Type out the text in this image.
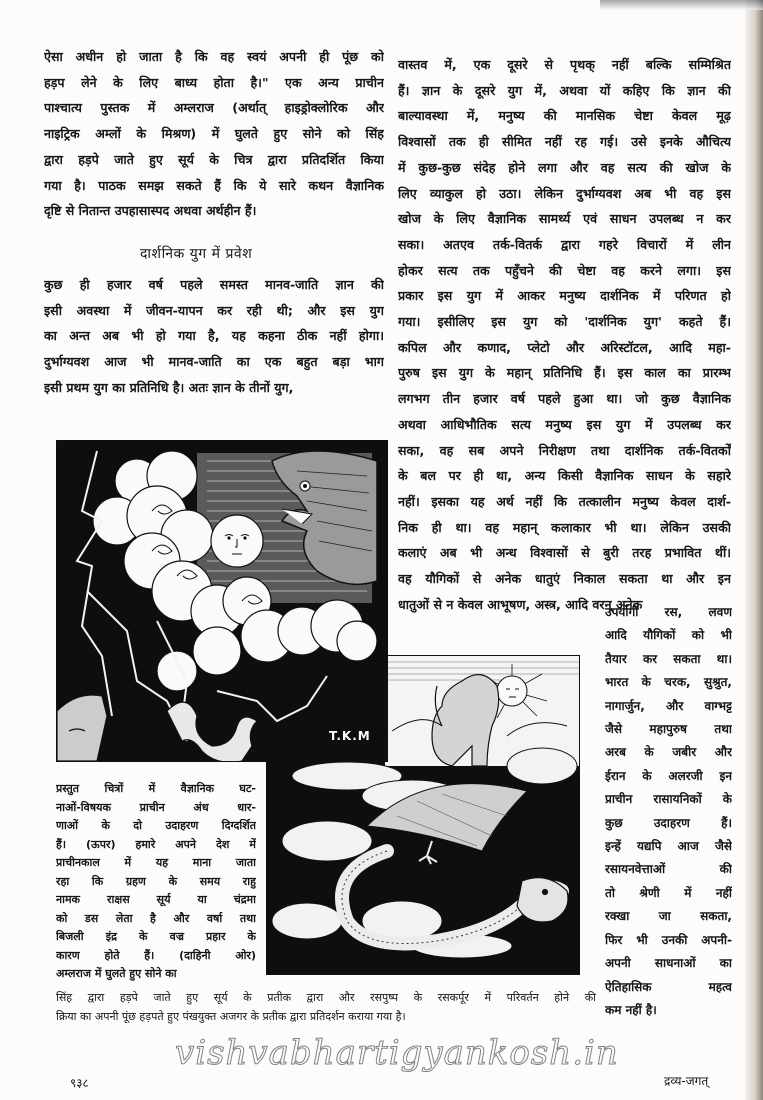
ऐसा अधीन हो जाता है कि वह स्वयं अपनी ही पूंछ को
हड़प लेने के लिए बाध्य होता है।" एक अन्य प्राचीन
पाश्चात्य पुस्तक में अम्लराज (अर्थात् हाइड्रोक्लोरिक और
नाइट्रिक अम्लों के मिश्रण) में घुलते हुए सोने को सिंह
द्वारा हड़पे जाते हुए सूर्य के चित्र द्वारा प्रतिदर्शित किया
गया है। पाठक समझ सकते हैं कि ये सारे कथन वैज्ञानिक
दृष्टि से नितान्त उपहासास्पद अथवा अर्थहीन हैं।
दार्शनिक युग में प्रवेश
कुछ ही हजार वर्ष पहले समस्त मानव-जाति ज्ञान की
इसी अवस्था में जीवन-यापन कर रही थी; और इस युग
का अन्त अब भी हो गया है, यह कहना ठीक नहीं होगा।
दुर्भाग्यवश आज भी मानव-जाति का एक बहुत बड़ा भाग
इसी प्रथम युग का प्रतिनिधि है। अतः ज्ञान के तीनों युग,
वास्तव में, एक दूसरे से पृथक् नहीं बल्कि सम्मिश्रित
हैं। ज्ञान के दूसरे युग में, अथवा यों कहिए कि ज्ञान की
बाल्यावस्था में, मनुष्य की मानसिक चेष्टा केवल मूढ़
विश्वासों तक ही सीमित नहीं रह गई। उसे इनके औचित्य
में कुछ-कुछ संदेह होने लगा और वह सत्य की खोज के
लिए व्याकुल हो उठा। लेकिन दुर्भाग्यवश अब भी वह इस
खोज के लिए वैज्ञानिक सामर्थ्य एवं साधन उपलब्ध न कर
सका। अतएव तर्क-वितर्क द्वारा गहरे विचारों में लीन
होकर सत्य तक पहुँचने की चेष्टा वह करने लगा। इस
प्रकार इस युग में आकर मनुष्य दार्शनिक में परिणत हो
गया। इसीलिए इस युग को 'दार्शनिक युग' कहते हैं।
कपिल और कणाद, प्लेटो और अरिस्टॉटल, आदि महा-
पुरुष इस युग के महान् प्रतिनिधि हैं। इस काल का प्रारम्भ
लगभग तीन हजार वर्ष पहले हुआ था। जो कुछ वैज्ञानिक
अथवा आधिभौतिक सत्य मनुष्य इस युग में उपलब्ध कर
सका, वह सब अपने निरीक्षण तथा दार्शनिक तर्क-वितर्कों
के बल पर ही था, अन्य किसी वैज्ञानिक साधन के सहारे
नहीं। इसका यह अर्थ नहीं कि तत्कालीन मनुष्य केवल दार्श-
निक ही था। वह महान् कलाकार भी था। लेकिन उसकी
कलाएं अब भी अन्ध विश्वासों से बुरी तरह प्रभावित थीं।
वह यौगिकों से अनेक धातुएं निकाल सकता था और इन
धातुओं से न केवल आभूषण, अस्त्र, आदि वरन् अनेक
उपयोगी रस, लवण
आदि यौगिकों को भी
तैयार कर सकता था।
भारत के चरक, सुश्रुत,
नागार्जुन, और वाग्भट्ट
जैसे महापुरुष तथा
अरब के जबीर और
ईरान के अलरजी इन
प्राचीन रासायनिकों के
कुछ उदाहरण हैं।
इन्हें यद्यपि आज जैसे
रसायनवेत्ताओं की
तो श्रेणी में नहीं
रक्खा जा सकता,
फिर भी उनकी अपनी-
अपनी साधनाओं का
ऐतिहासिक महत्व
कम नहीं है।
T.K.M
प्रस्तुत चित्रों में वैज्ञानिक घट-
नाओं-विषयक प्राचीन अंध धार-
णाओं के दो उदाहरण दिग्दर्शित
हैं। (ऊपर) हमारे अपने देश में
प्राचीनकाल में यह माना जाता
रहा कि ग्रहण के समय राहु
नामक राक्षस सूर्य या चंद्रमा
को डस लेता है और वर्षा तथा
बिजली इंद्र के वज्र प्रहार के
कारण होते हैं। (दाहिनी ओर)
अम्लराज में घुलते हुए सोने का
सिंह द्वारा हड़पे जाते हुए सूर्य के प्रतीक द्वारा और रसपुष्प के रसकर्पूर में परिवर्तन होने की
क्रिया का अपनी पूंछ हड़पते हुए पंखयुक्त अजगर के प्रतीक द्वारा प्रतिदर्शन कराया गया है।
vishvabhartigyankosh.in
९३८	द्रव्य-जगत्
